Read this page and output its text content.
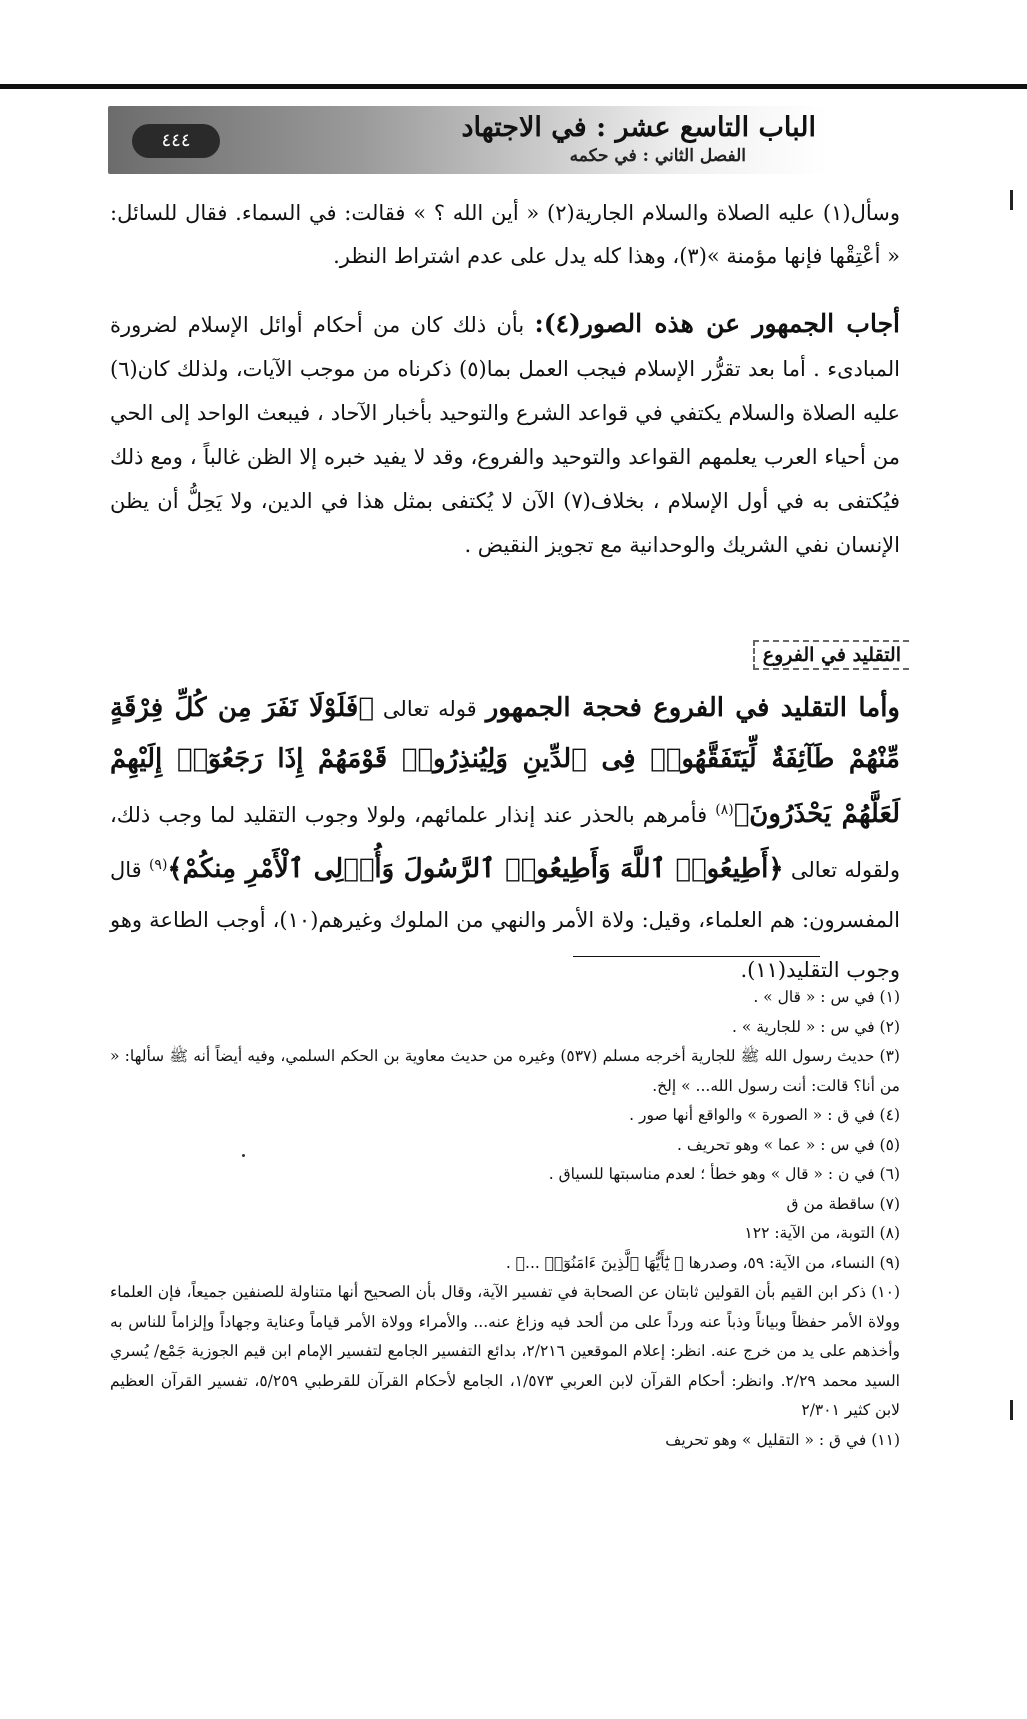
الباب التاسع عشر : في الاجتهاد
الفصل الثاني : في حكمه
٤٤٤
وسأل(١) عليه الصلاة والسلام الجارية(٢) « أين الله ؟ » فقالت: في السماء. فقال للسائل: « أعْتِقْها فإنها مؤمنة »(٣)، وهذا كله يدل على عدم اشتراط النظر.
أجاب الجمهور عن هذه الصور(٤): بأن ذلك كان من أحكام أوائل الإسلام لضرورة المبادىء . أما بعد تقرُّر الإسلام فيجب العمل بما(٥) ذكرناه من موجب الآيات، ولذلك كان(٦) عليه الصلاة والسلام يكتفي في قواعد الشرع والتوحيد بأخبار الآحاد ، فيبعث الواحد إلى الحي من أحياء العرب يعلمهم القواعد والتوحيد والفروع، وقد لا يفيد خبره إلا الظن غالباً ، ومع ذلك فيُكتفى به في أول الإسلام ، بخلاف(٧) الآن لا يُكتفى بمثل هذا في الدين، ولا يَحِلُّ أن يظن الإنسان نفي الشريك والوحدانية مع تجويز النقيض .
التقليد في الفروع
وأما التقليد في الفروع فحجة الجمهور قوله تعالى ﴿فَلَوْلَا نَفَرَ مِن كُلِّ فِرْقَةٍ مِّنْهُمْ طَآئِفَةٌ لِّيَتَفَقَّهُوا۟ فِى ٱلدِّينِ وَلِيُنذِرُوا۟ قَوْمَهُمْ إِذَا رَجَعُوٓا۟ إِلَيْهِمْ لَعَلَّهُمْ يَحْذَرُونَ﴾$^{(٨)}$ فأمرهم بالحذر عند إنذار علمائهم، ولولا وجوب التقليد لما وجب ذلك، ولقوله تعالى ﴿أَطِيعُوا۟ ٱللَّهَ وَأَطِيعُوا۟ ٱلرَّسُولَ وَأُو۟لِى ٱلْأَمْرِ مِنكُمْ﴾$^{(٩)}$ قال المفسرون: هم العلماء، وقيل: ولاة الأمر والنهي من الملوك وغيرهم(١٠)، أوجب الطاعة وهو وجوب التقليد(١١).
(١) في س : « قال » .
(٢) في س : « للجارية » .
(٣) حديث رسول الله ﷺ للجارية أخرجه مسلم (٥٣٧) وغيره من حديث معاوية بن الحكم السلمي، وفيه أيضاً أنه ﷺ سألها: « من أنا؟ قالت: أنت رسول الله... » إلخ.
(٤) في ق : « الصورة » والواقع أنها صور .
(٥) في س : « عما » وهو تحريف .
(٦) في ن : « قال » وهو خطأ ؛ لعدم مناسبتها للسياق .
(٧) ساقطة من ق
(٨) التوبة، من الآية: ١٢٢
(٩) النساء، من الآية: ٥٩، وصدرها ﴿ يَٰٓأَيُّهَا ٱلَّذِينَ ءَامَنُوٓا۟ ...﴾ .
(١٠) ذكر ابن القيم بأن القولين ثابتان عن الصحابة في تفسير الآية، وقال بأن الصحيح أنها متناولة للصنفين جميعاً، فإن العلماء وولاة الأمر حفظاً وبياناً وذباً عنه ورداً على من ألحد فيه وزاغ عنه... والأمراء وولاة الأمر قياماً وعناية وجهاداً وإلزاماً للناس به وأخذهم على يد من خرج عنه. انظر: إعلام الموقعين ٢/٢١٦، بدائع التفسير الجامع لتفسير الإمام ابن قيم الجوزية جَمْع/ يُسري السيد محمد ٢/٢٩. وانظر: أحكام القرآن لابن العربي ١/٥٧٣، الجامع لأحكام القرآن للقرطبي ٥/٢٥٩، تفسير القرآن العظيم لابن كثير ٢/٣٠١
(١١) في ق : « التقليل » وهو تحريف
